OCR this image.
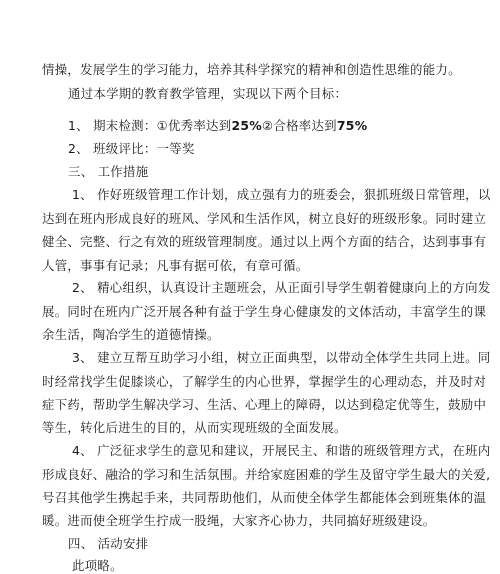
情操，发展学生的学习能力，培养其科学探究的精神和创造性思维的能力。
通过本学期的教育教学管理，实现以下两个目标：
1、 期末检测：①优秀率达到25%②合格率达到75%
2、 班级评比：一等奖
三、 工作措施
1、 作好班级管理工作计划，成立强有力的班委会，狠抓班级日常管理，以
达到在班内形成良好的班风、学风和生活作风，树立良好的班级形象。同时建立
健全、完整、行之有效的班级管理制度。通过以上两个方面的结合，达到事事有
人管，事事有记录；凡事有据可依，有章可循。
2、 精心组织，认真设计主题班会，从正面引导学生朝着健康向上的方向发
展。同时在班内广泛开展各种有益于学生身心健康发的文体活动，丰富学生的课
余生活，陶冶学生的道德情操。
3、 建立互帮互助学习小组，树立正面典型，以带动全体学生共同上进。同
时经常找学生促膝谈心，了解学生的内心世界，掌握学生的心理动态，并及时对
症下药，帮助学生解决学习、生活、心理上的障碍，以达到稳定优等生，鼓励中
等生，转化后进生的目的，从而实现班级的全面发展。
4、 广泛征求学生的意见和建议，开展民主、和谐的班级管理方式，在班内
形成良好、融洽的学习和生活氛围。并给家庭困难的学生及留守学生最大的关爱,
号召其他学生携起手来，共同帮助他们，从而使全体学生都能体会到班集体的温
暖。进而使全班学生拧成一股绳，大家齐心协力，共同搞好班级建设。
四、 活动安排
此项略。
